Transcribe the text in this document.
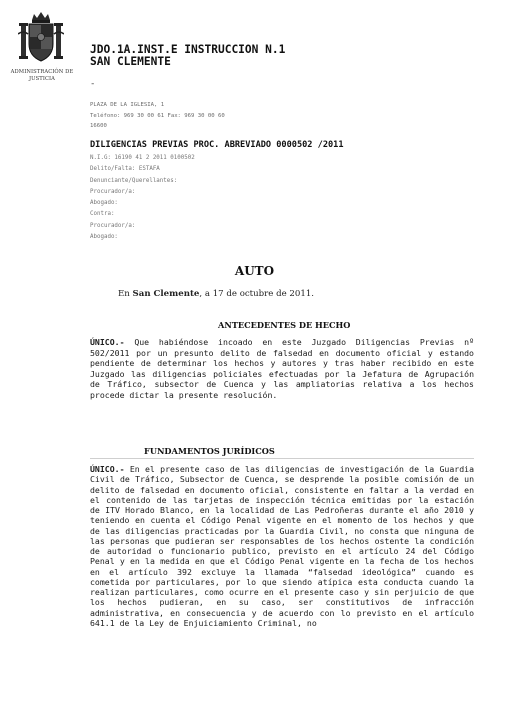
ADMINISTRACIÓN DE JUSTICIA
JDO.1A.INST.E INSTRUCCION N.1
SAN CLEMENTE
-
PLAZA DE LA IGLESIA, 1
Teléfono: 969 30 00 61 Fax: 969 30 00 60
16600
DILIGENCIAS PREVIAS PROC. ABREVIADO 0000502 /2011
N.I.G: 16190 41 2 2011 0100502
Delito/Falta: ESTAFA
Denunciante/Querellantes:
Procurador/a:
Abogado:
Contra:
Procurador/a:
Abogado:
AUTO
En San Clemente, a 17 de octubre de 2011.
ANTECEDENTES DE HECHO
ÚNICO.- Que habiéndose incoado en este Juzgado Diligencias Previas nº 502/2011 por un presunto delito de falsedad en documento oficial y estando pendiente de determinar los hechos y autores y tras haber recibido en este Juzgado las diligencias policiales efectuadas por la Jefatura de Agrupación de Tráfico, subsector de Cuenca y las ampliatorias relativa a los hechos procede dictar la presente resolución.
FUNDAMENTOS JURÍDICOS
ÚNICO.- En el presente caso de las diligencias de investigación de la Guardia Civil de Tráfico, Subsector de Cuenca, se desprende la posible comisión de un delito de falsedad en documento oficial, consistente en faltar a la verdad en el contenido de las tarjetas de inspección técnica emitidas por la estación de ITV Horado Blanco, en la localidad de Las Pedroñeras durante el año 2010 y teniendo en cuenta el Código Penal vigente en el momento de los hechos y que de las diligencias practicadas por la Guardia Civil, no consta que ninguna de las personas que pudieran ser responsables de los hechos ostente la condición de autoridad o funcionario publico, previsto en el artículo 24 del Código Penal y en la medida en que el Código Penal vigente en la fecha de los hechos en el artículo 392 excluye la llamada “falsedad ideológica” cuando es cometida por particulares, por lo que siendo atípica esta conducta cuando la realizan particulares, como ocurre en el presente caso y sin perjuicio de que los hechos pudieran, en su caso, ser constitutivos de infracción administrativa, en consecuencia y de acuerdo con lo previsto en el artículo 641.1 de la Ley de Enjuiciamiento Criminal, no
